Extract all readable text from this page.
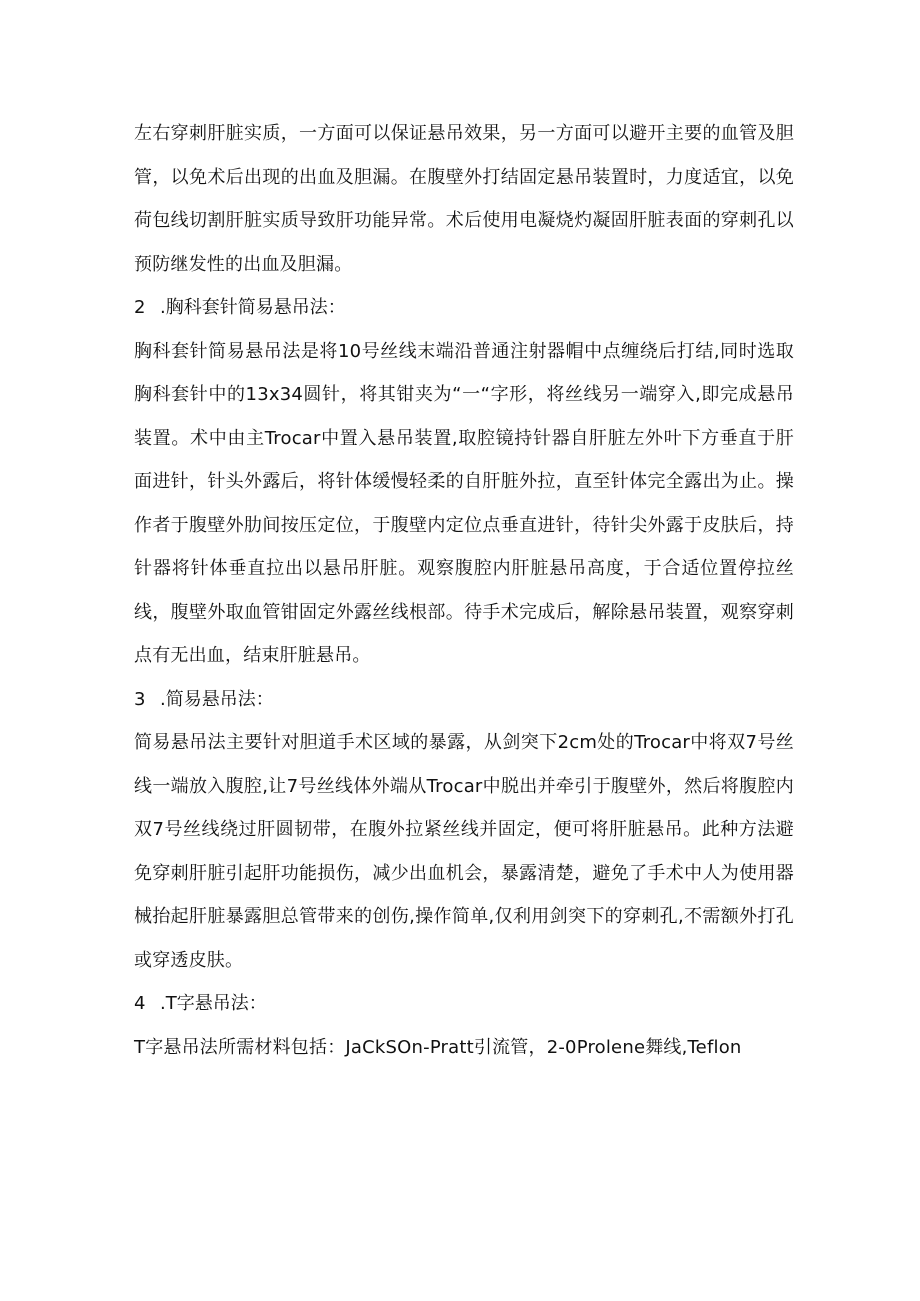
左右穿刺肝脏实质，一方面可以保证悬吊效果，另一方面可以避开主要的血管及胆管，以免术后出现的出血及胆漏。在腹壁外打结固定悬吊装置时，力度适宜，以免荷包线切割肝脏实质导致肝功能异常。术后使用电凝烧灼凝固肝脏表面的穿刺孔以预防继发性的出血及胆漏。

2 .胸科套针简易悬吊法：

胸科套针简易悬吊法是将10号丝线末端沿普通注射器帽中点缠绕后打结,同时选取胸科套针中的13x34圆针，将其钳夹为“一“字形，将丝线另一端穿入,即完成悬吊装置。术中由主Trocar中置入悬吊装置,取腔镜持针器自肝脏左外叶下方垂直于肝面进针，针头外露后，将针体缓慢轻柔的自肝脏外拉，直至针体完全露出为止。操作者于腹壁外肋间按压定位，于腹壁内定位点垂直进针，待针尖外露于皮肤后，持针器将针体垂直拉出以悬吊肝脏。观察腹腔内肝脏悬吊高度，于合适位置停拉丝线，腹壁外取血管钳固定外露丝线根部。待手术完成后，解除悬吊装置，观察穿刺点有无出血，结束肝脏悬吊。

3 .简易悬吊法：

简易悬吊法主要针对胆道手术区域的暴露，从剑突下2cm处的Trocar中将双7号丝线一端放入腹腔,让7号丝线体外端从Trocar中脱出并牵引于腹壁外，然后将腹腔内双7号丝线绕过肝圆韧带，在腹外拉紧丝线并固定，便可将肝脏悬吊。此种方法避免穿刺肝脏引起肝功能损伤，减少出血机会，暴露清楚，避免了手术中人为使用器械抬起肝脏暴露胆总管带来的创伤,操作简单,仅利用剑突下的穿刺孔,不需额外打孔或穿透皮肤。

4 .T字悬吊法：

T字悬吊法所需材料包括：JaCkSOn-Pratt引流管，2-0Prolene舞线,Teflon
